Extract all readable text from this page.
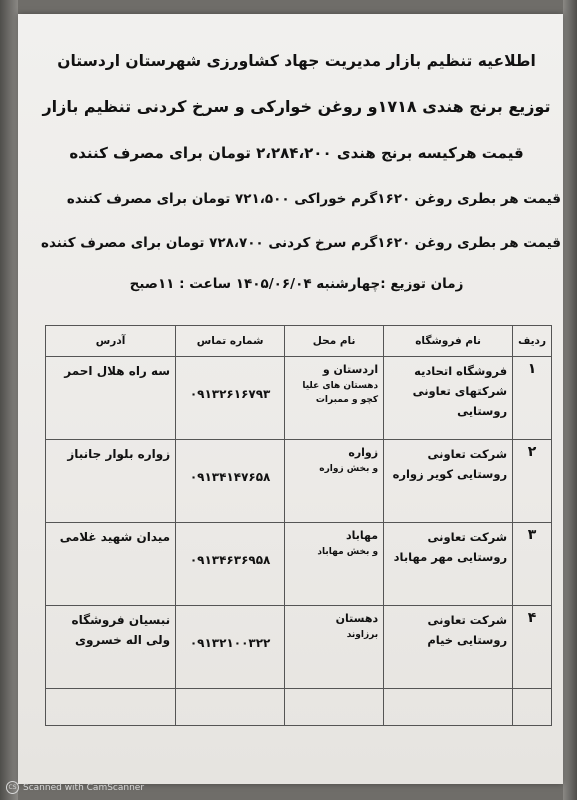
اطلاعیه تنظیم بازار مدیریت جهاد کشاورزی شهرستان اردستان

توزیع برنج هندی ۱۷۱۸و روغن خوارکی و سرخ کردنی تنظیم بازار

قیمت هرکیسه برنج هندی ۲،۲۸۴،۲۰۰ تومان برای مصرف کننده

قیمت هر بطری روغن ۱۶۲۰گرم خوراکی ۷۲۱،۵۰۰ تومان برای مصرف کننده

قیمت هر بطری روغن ۱۶۲۰گرم سرخ کردنی ۷۲۸،۷۰۰ تومان برای مصرف کننده

زمان توزیع :چهارشنبه ۱۴۰۵/۰۶/۰۴ ساعت : ۱۱صبح

ردیف	نام فروشگاه	نام محل	شماره تماس	آدرس
۱	فروشگاه اتحادیه شرکتهای تعاونی روستایی	اردستان و
دهستان های علیا کچو و ممبرات	۰۹۱۳۲۶۱۶۷۹۳	سه راه هلال احمر
۲	شرکت تعاونی روستایی کویر زواره	زواره
و بخش زواره	۰۹۱۳۴۱۴۷۶۵۸	زواره بلوار جانباز
۳	شرکت تعاونی روستایی مهر مهاباد	مهاباد
و بخش مهاباد	۰۹۱۳۴۶۳۶۹۵۸	میدان شهید غلامی
۴	شرکت تعاونی روستایی خیام	دهستان
برزاوند	۰۹۱۳۲۱۰۰۳۲۲	نبسیان فروشگاه ولی اله خسروی

CS Scanned with CamScanner
